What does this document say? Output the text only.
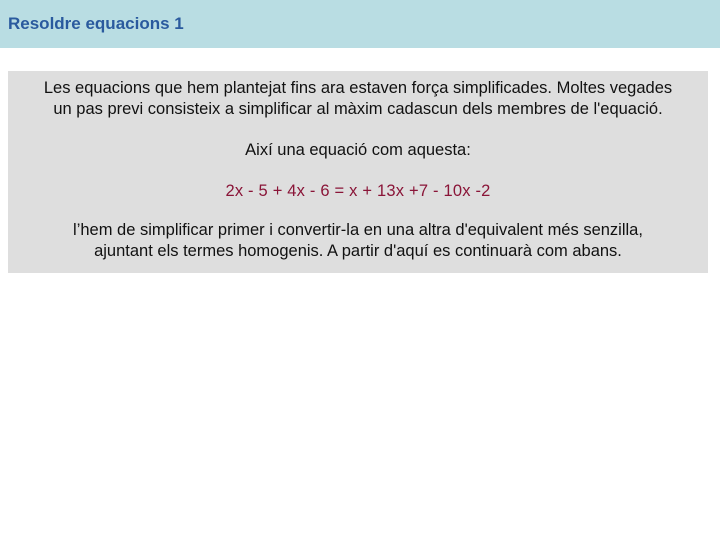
Resoldre equacions 1

Les equacions que hem plantejat fins ara estaven força simplificades. Moltes vegades

un pas previ consisteix a simplificar al màxim cadascun dels membres de l'equació.

Així una equació com aquesta:

2x - 5 + 4x - 6 = x + 13x +7 - 10x -2

l’hem de simplificar primer i convertir-la en una altra d'equivalent més senzilla,

ajuntant els termes homogenis. A partir d'aquí es continuarà com abans.
